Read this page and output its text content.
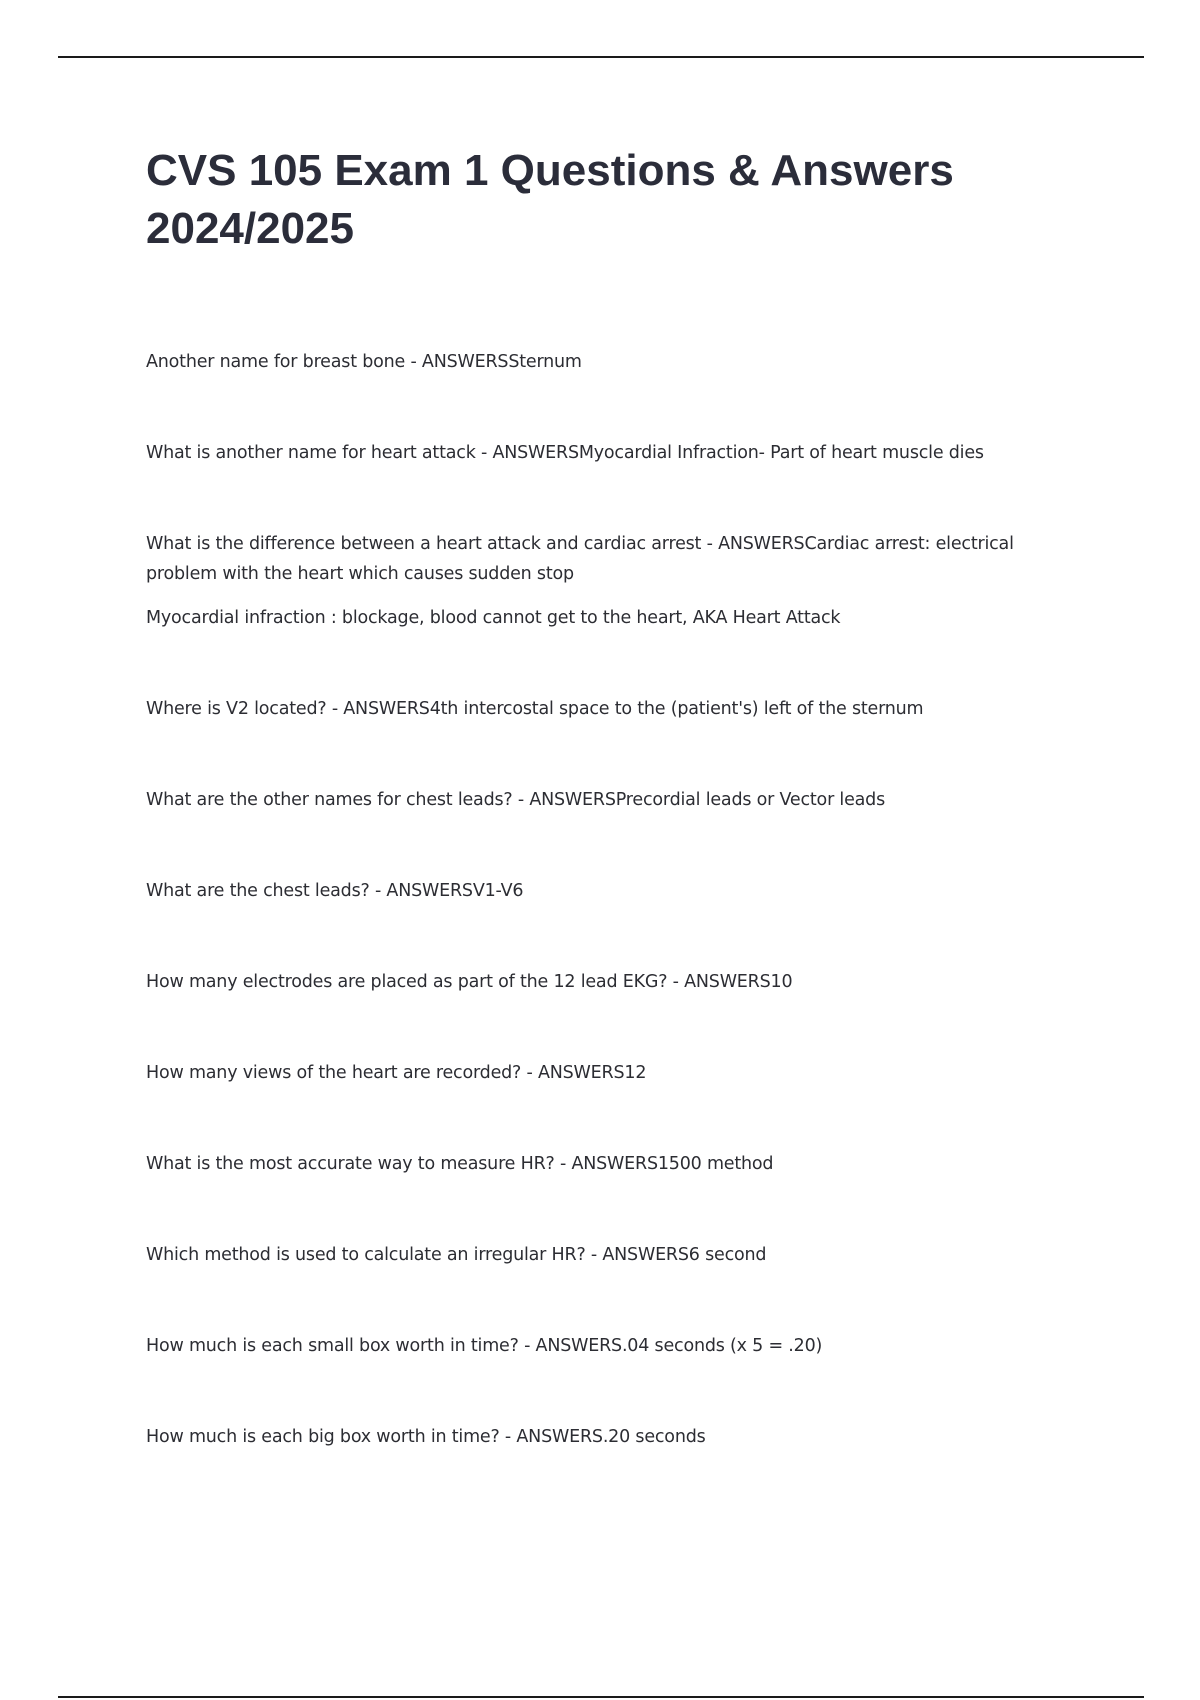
CVS 105 Exam 1 Questions & Answers 2024/2025

Another name for breast bone - ANSWERSSternum

What is another name for heart attack - ANSWERSMyocardial Infraction- Part of heart muscle dies

What is the difference between a heart attack and cardiac arrest - ANSWERSCardiac arrest: electrical problem with the heart which causes sudden stop

Myocardial infraction : blockage, blood cannot get to the heart, AKA Heart Attack

Where is V2 located? - ANSWERS4th intercostal space to the (patient's) left of the sternum

What are the other names for chest leads? - ANSWERSPrecordial leads or Vector leads

What are the chest leads? - ANSWERSV1-V6

How many electrodes are placed as part of the 12 lead EKG? - ANSWERS10

How many views of the heart are recorded? - ANSWERS12

What is the most accurate way to measure HR? - ANSWERS1500 method

Which method is used to calculate an irregular HR? - ANSWERS6 second

How much is each small box worth in time? - ANSWERS.04 seconds (x 5 = .20)

How much is each big box worth in time? - ANSWERS.20 seconds
